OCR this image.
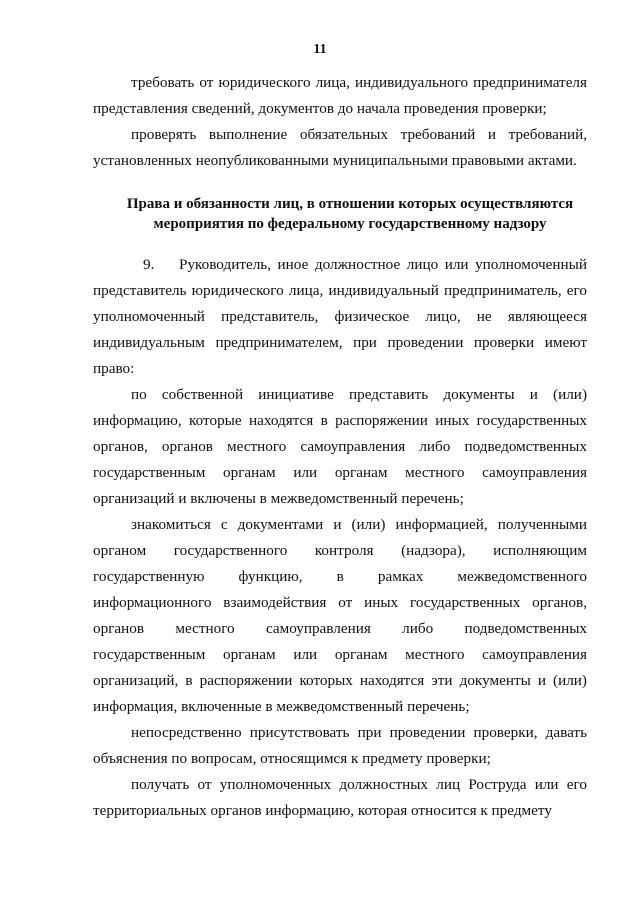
11

требовать от юридического лица, индивидуального предпринимателя представления сведений, документов до начала проведения проверки;

проверять выполнение обязательных требований и требований, установленных неопубликованными муниципальными правовыми актами.

Права и обязанности лиц, в отношении которых осуществляются
мероприятия по федеральному государственному надзору

9. Руководитель, иное должностное лицо или уполномоченный представитель юридического лица, индивидуальный предприниматель, его уполномоченный представитель, физическое лицо, не являющееся индивидуальным предпринимателем, при проведении проверки имеют право:

по собственной инициативе представить документы и (или) информацию, которые находятся в распоряжении иных государственных органов, органов местного самоуправления либо подведомственных государственным органам или органам местного самоуправления организаций и включены в межведомственный перечень;

знакомиться с документами и (или) информацией, полученными органом государственного контроля (надзора), исполняющим государственную функцию, в рамках межведомственного информационного взаимодействия от иных государственных органов, органов местного самоуправления либо подведомственных государственным органам или органам местного самоуправления организаций, в распоряжении которых находятся эти документы и (или) информация, включенные в межведомственный перечень;

непосредственно присутствовать при проведении проверки, давать объяснения по вопросам, относящимся к предмету проверки;

получать от уполномоченных должностных лиц Роструда или его территориальных органов информацию, которая относится к предмету
